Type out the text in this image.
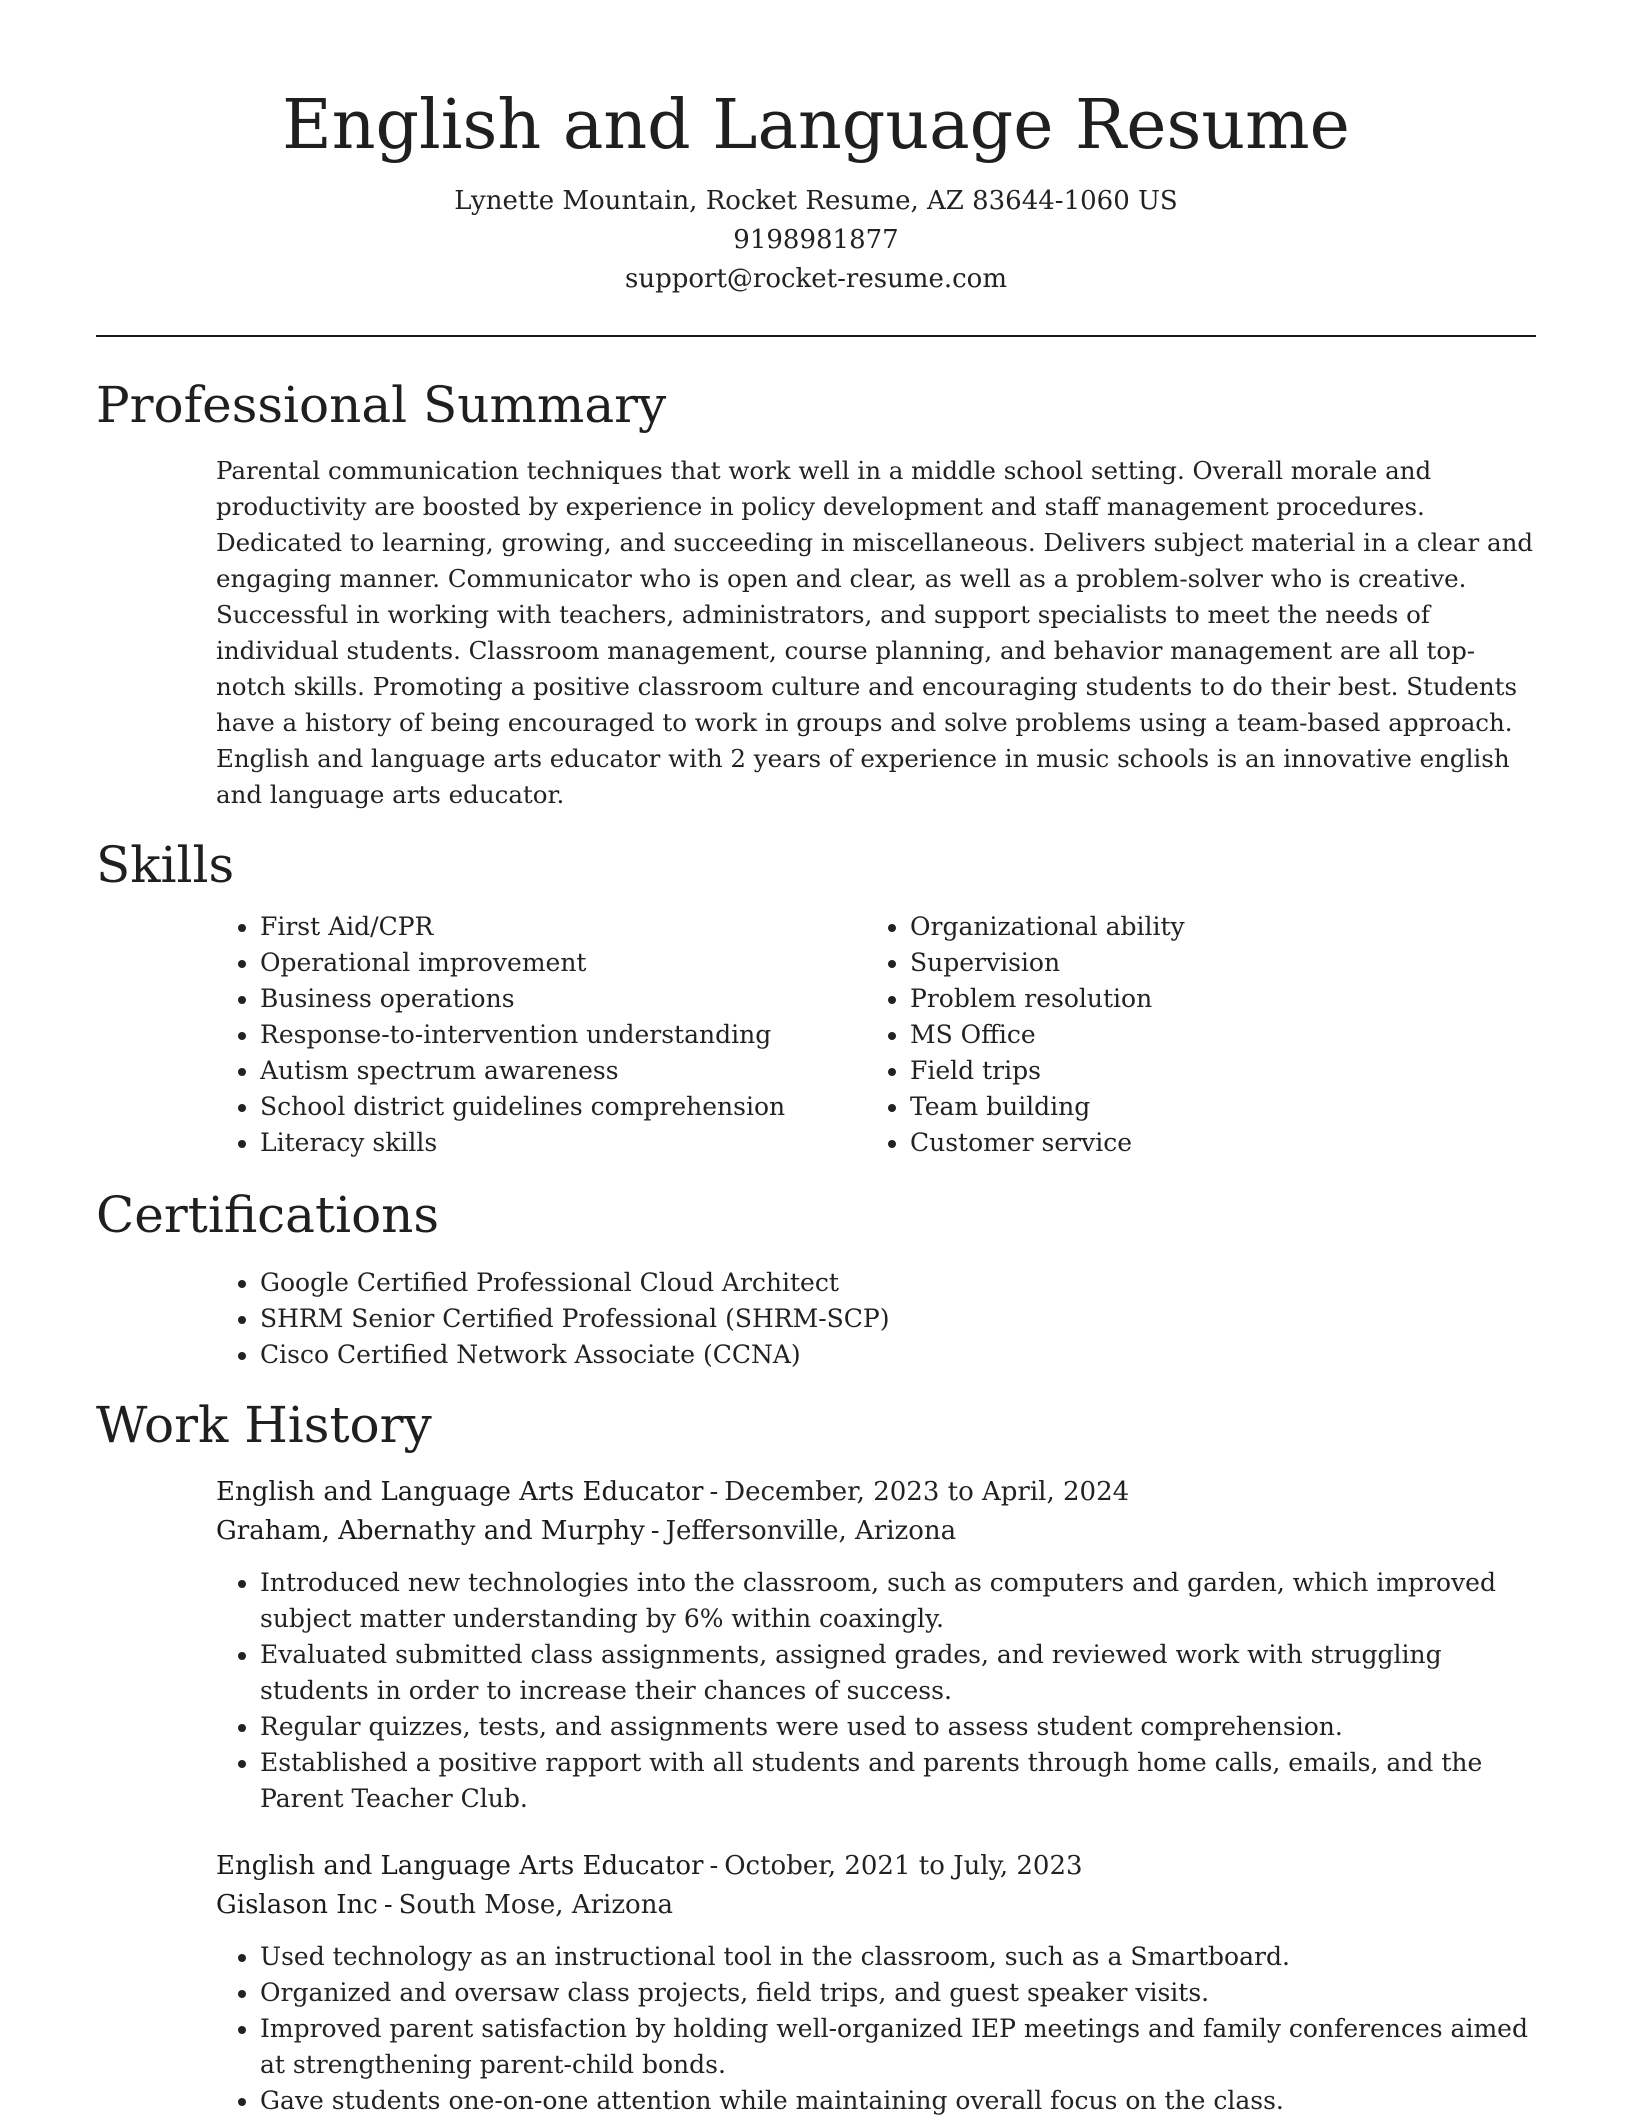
English and Language Resume
Lynette Mountain, Rocket Resume, AZ 83644-1060 US
9198981877
support@rocket-resume.com
Professional Summary

Parental communication techniques that work well in a middle school setting. Overall morale and productivity are boosted by experience in policy development and staff management procedures. Dedicated to learning, growing, and succeeding in miscellaneous. Delivers subject material in a clear and engaging manner. Communicator who is open and clear, as well as a problem-solver who is creative. Successful in working with teachers, administrators, and support specialists to meet the needs of individual students. Classroom management, course planning, and behavior management are all top-notch skills. Promoting a positive classroom culture and encouraging students to do their best. Students have a history of being encouraged to work in groups and solve problems using a team-based approach. English and language arts educator with 2 years of experience in music schools is an innovative english and language arts educator.

Skills
• First Aid/CPR
• Operational improvement
• Business operations
• Response-to-intervention understanding
• Autism spectrum awareness
• School district guidelines comprehension
• Literacy skills
• Organizational ability
• Supervision
• Problem resolution
• MS Office
• Field trips
• Team building
• Customer service
Certifications
• Google Certified Professional Cloud Architect
• SHRM Senior Certified Professional (SHRM-SCP)
• Cisco Certified Network Associate (CCNA)
Work History
English and Language Arts Educator - December, 2023 to April, 2024
Graham, Abernathy and Murphy - Jeffersonville, Arizona
• Introduced new technologies into the classroom, such as computers and garden, which improved subject matter understanding by 6% within coaxingly.
• Evaluated submitted class assignments, assigned grades, and reviewed work with struggling students in order to increase their chances of success.
• Regular quizzes, tests, and assignments were used to assess student comprehension.
• Established a positive rapport with all students and parents through home calls, emails, and the Parent Teacher Club.
English and Language Arts Educator - October, 2021 to July, 2023
Gislason Inc - South Mose, Arizona
• Used technology as an instructional tool in the classroom, such as a Smartboard.
• Organized and oversaw class projects, field trips, and guest speaker visits.
• Improved parent satisfaction by holding well-organized IEP meetings and family conferences aimed at strengthening parent-child bonds.
• Gave students one-on-one attention while maintaining overall focus on the class.
